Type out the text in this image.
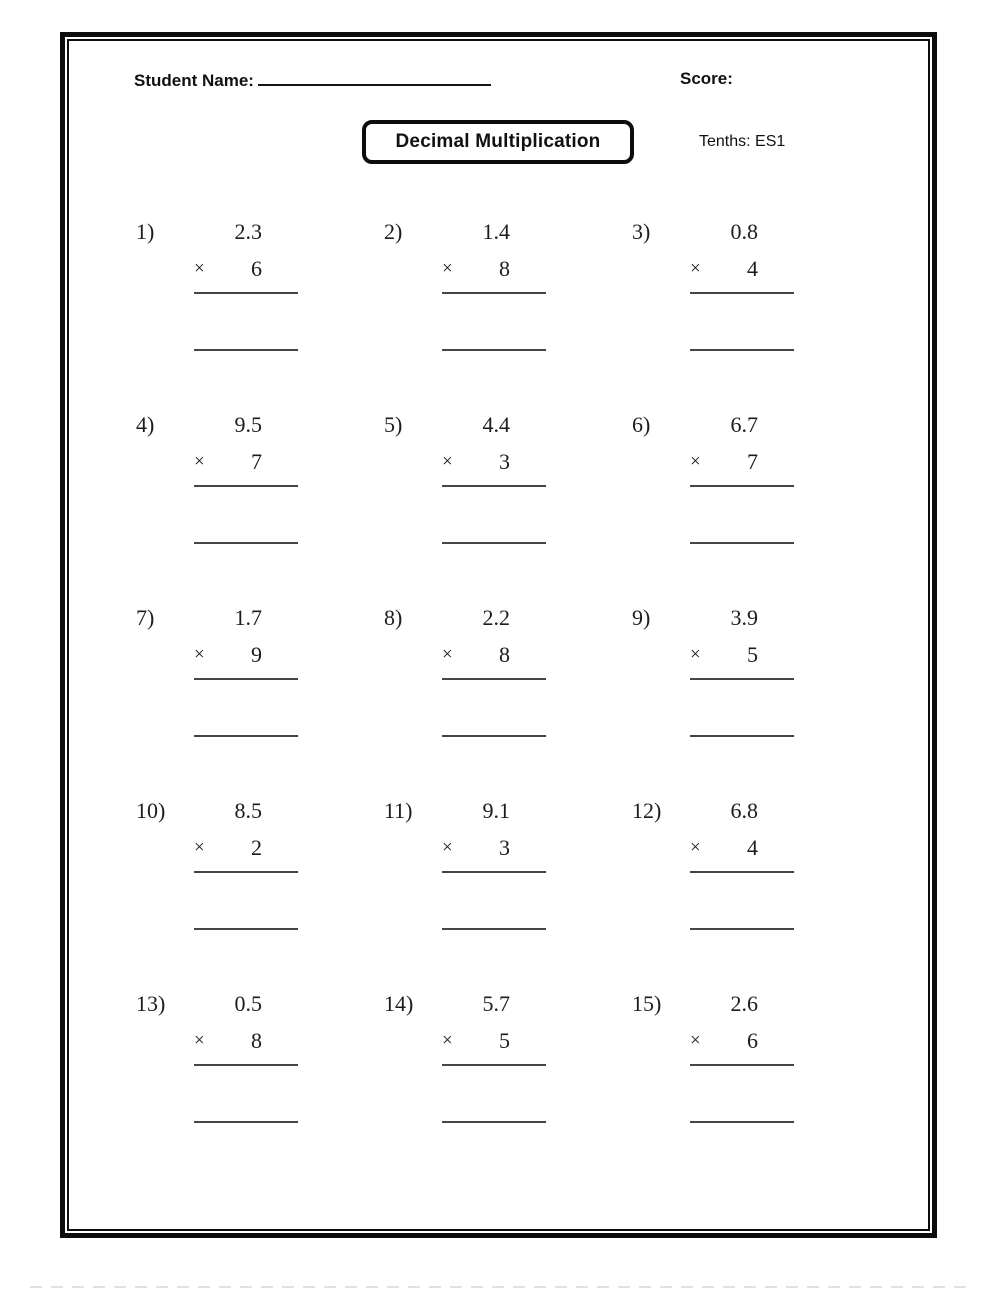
Student Name:	Score:
Decimal Multiplication	Tenths: ES1
1)	2.3
× 6
2)	1.4
× 8
3)	0.8
× 4
4)	9.5
× 7
5)	4.4
× 3
6)	6.7
× 7
7)	1.7
× 9
8)	2.2
× 8
9)	3.9
× 5
10)	8.5
× 2
11)	9.1
× 3
12)	6.8
× 4
13)	0.5
× 8
14)	5.7
× 5
15)	2.6
× 6
